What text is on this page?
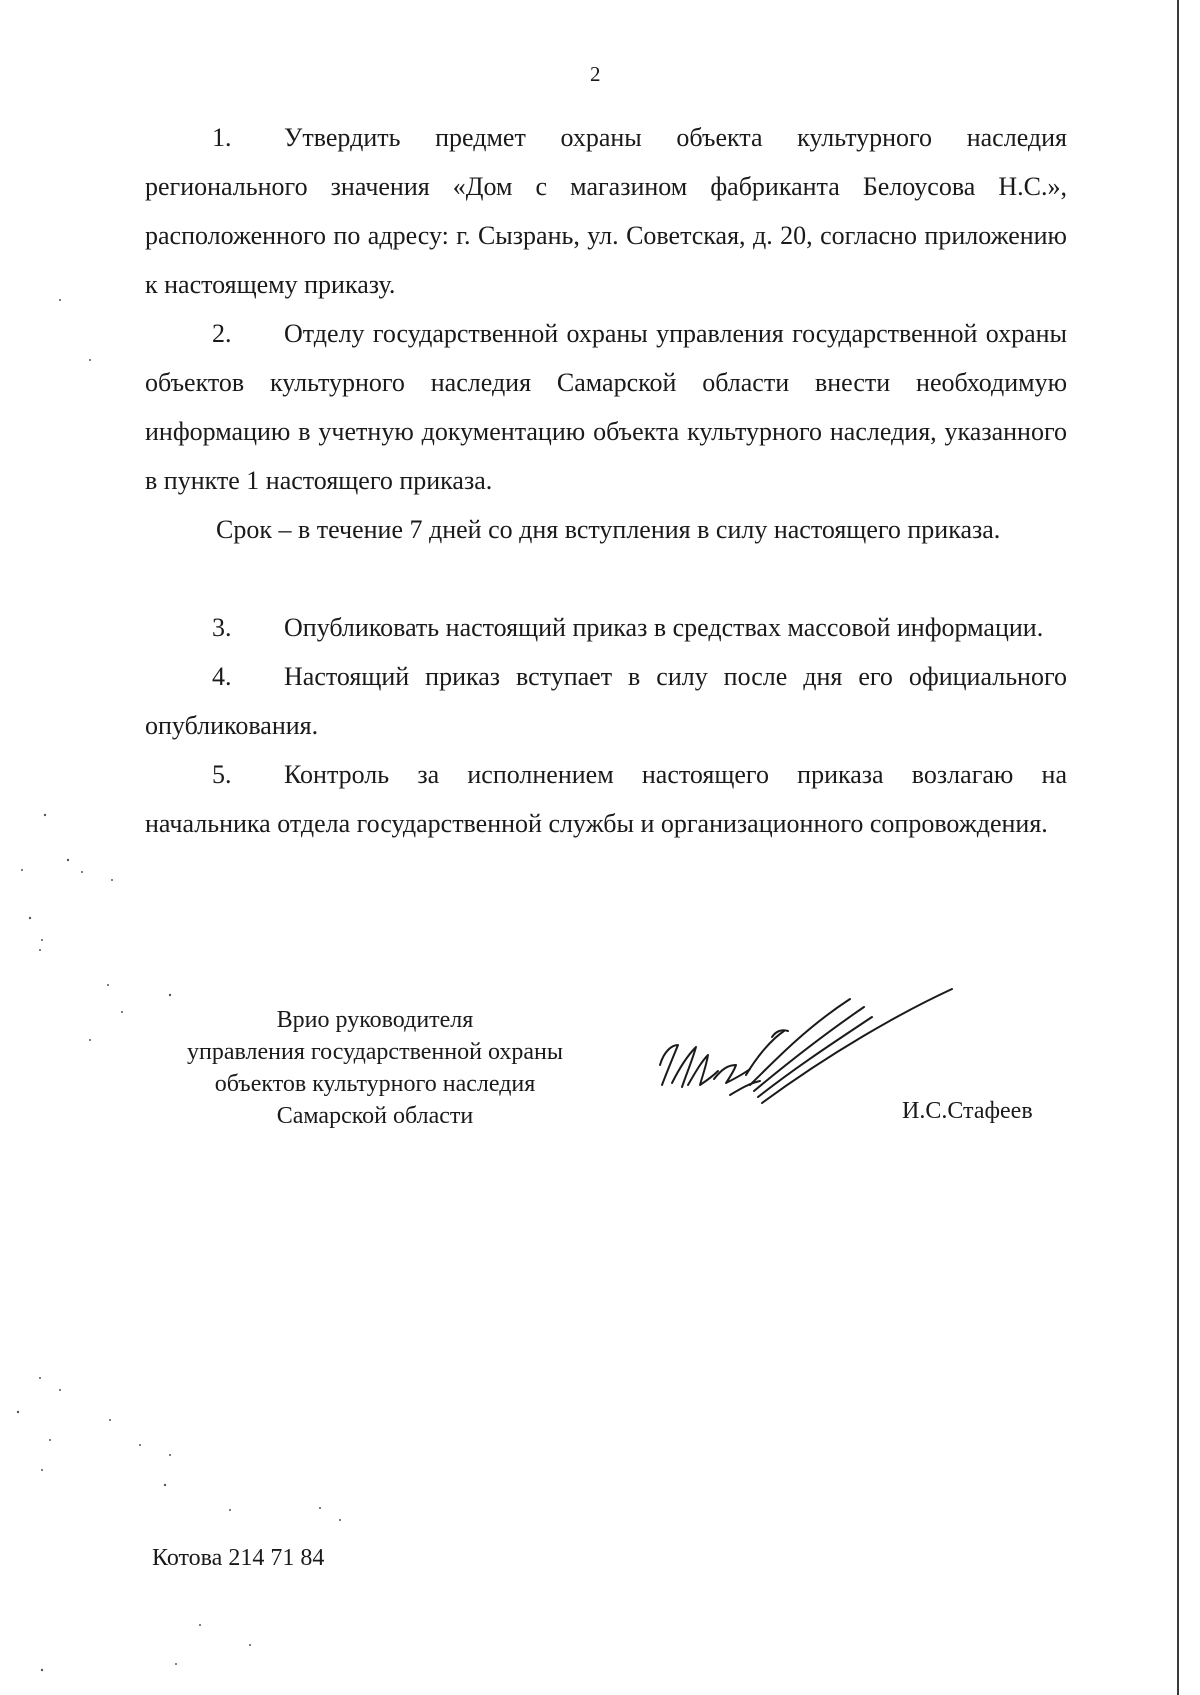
2

1. Утвердить предмет охраны объекта культурного наследия регионального значения «Дом с магазином фабриканта Белоусова Н.С.», расположенного по адресу: г. Сызрань, ул. Советская, д. 20, согласно приложению к настоящему приказу.

2. Отделу государственной охраны управления государственной охраны объектов культурного наследия Самарской области внести необходимую информацию в учетную документацию объекта культурного наследия, указанного в пункте 1 настоящего приказа.

Срок – в течение 7 дней со дня вступления в силу настоящего приказа.

3. Опубликовать настоящий приказ в средствах массовой информации.

4. Настоящий приказ вступает в силу после дня его официального опубликования.

5. Контроль за исполнением настоящего приказа возлагаю на начальника отдела государственной службы и организационного сопровождения.

Врио руководителя
управления государственной охраны
объектов культурного наследия
Самарской области	И.С.Стафеев
Котова 214 71 84
